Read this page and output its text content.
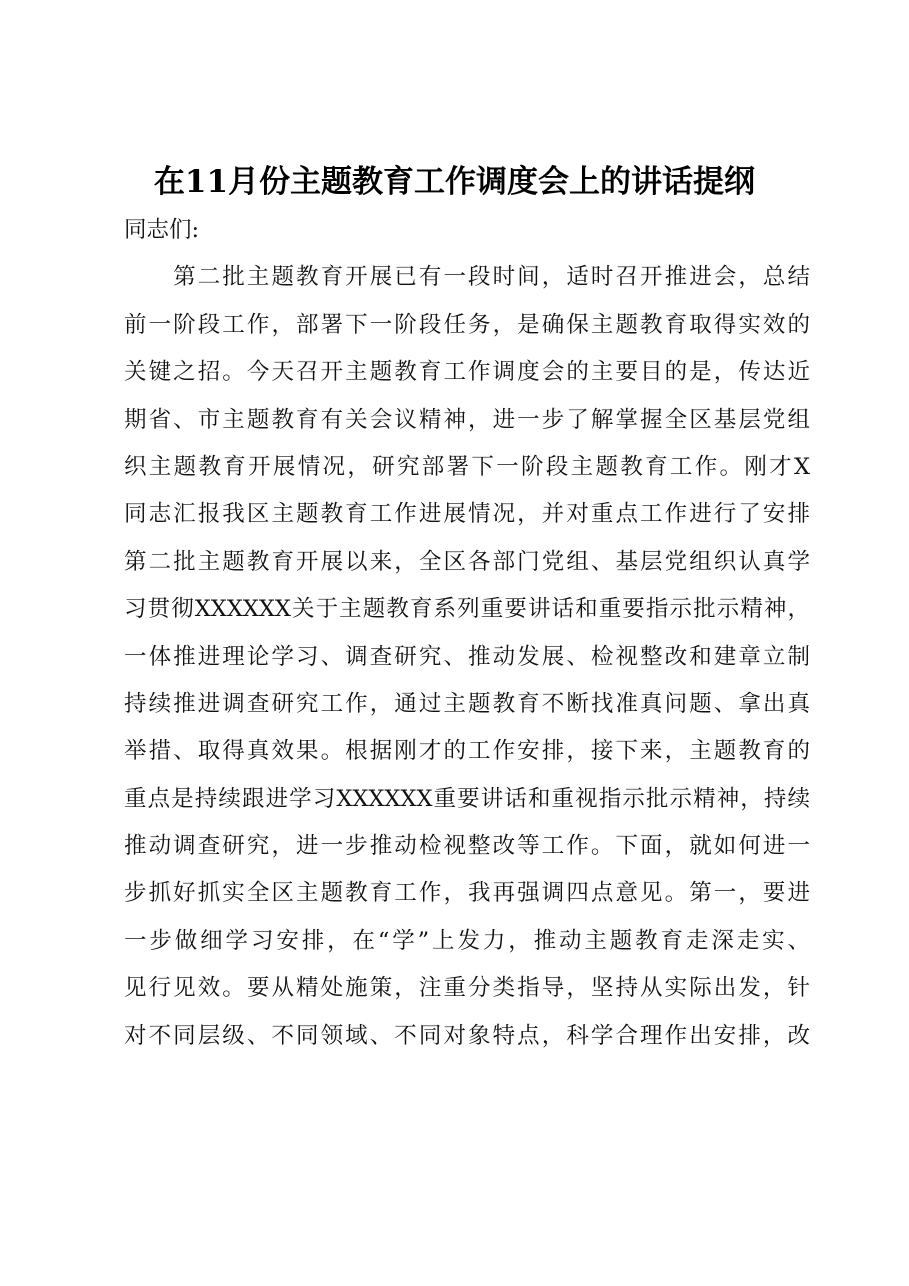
在11月份主题教育工作调度会上的讲话提纲
同志们:
　　第二批主题教育开展已有一段时间，适时召开推进会，总结
前一阶段工作，部署下一阶段任务，是确保主题教育取得实效的
关键之招。今天召开主题教育工作调度会的主要目的是，传达近
期省、市主题教育有关会议精神，进一步了解掌握全区基层党组
织主题教育开展情况，研究部署下一阶段主题教育工作。刚才X
同志汇报我区主题教育工作进展情况，并对重点工作进行了安排
第二批主题教育开展以来，全区各部门党组、基层党组织认真学
习贯彻XXXXXX关于主题教育系列重要讲话和重要指示批示精神，
一体推进理论学习、调查研究、推动发展、检视整改和建章立制
持续推进调查研究工作，通过主题教育不断找准真问题、拿出真
举措、取得真效果。根据刚才的工作安排，接下来，主题教育的
重点是持续跟进学习XXXXXX重要讲话和重视指示批示精神，持续
推动调查研究，进一步推动检视整改等工作。下面，就如何进一
步抓好抓实全区主题教育工作，我再强调四点意见。第一，要进
一步做细学习安排，在“学”上发力，推动主题教育走深走实、
见行见效。要从精处施策，注重分类指导，坚持从实际出发，针
对不同层级、不同领域、不同对象特点，科学合理作出安排，改
